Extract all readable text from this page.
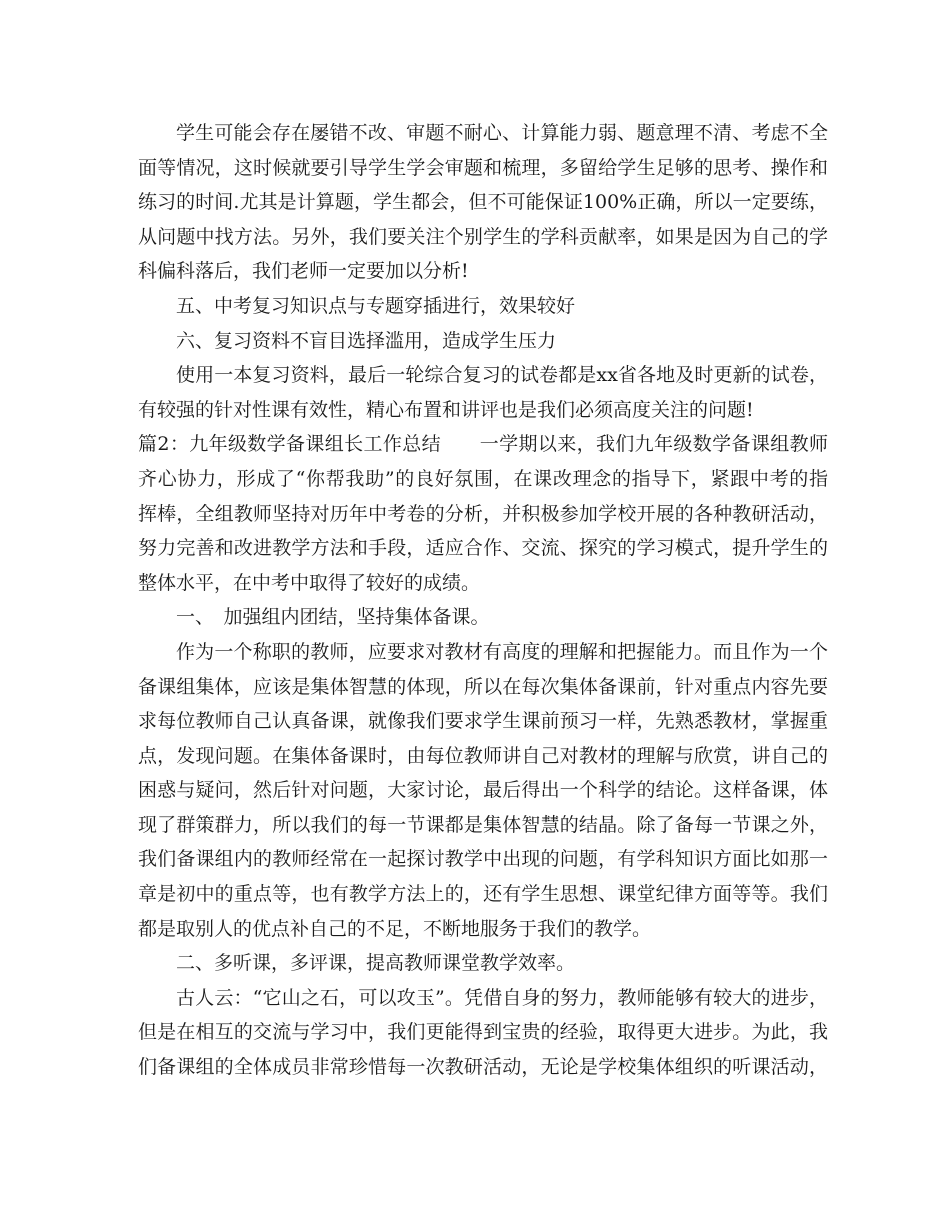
学生可能会存在屡错不改、审题不耐心、计算能力弱、题意理不清、考虑不全
面等情况，这时候就要引导学生学会审题和梳理，多留给学生足够的思考、操作和
练习的时间.尤其是计算题，学生都会，但不可能保证100%正确，所以一定要练，
从问题中找方法。另外，我们要关注个别学生的学科贡献率，如果是因为自己的学
科偏科落后，我们老师一定要加以分析!
五、中考复习知识点与专题穿插进行，效果较好
六、复习资料不盲目选择滥用，造成学生压力
使用一本复习资料，最后一轮综合复习的试卷都是xx省各地及时更新的试卷，
有较强的针对性课有效性，精心布置和讲评也是我们必须高度关注的问题!
篇2：九年级数学备课组长工作总结　　一学期以来，我们九年级数学备课组教师
齐心协力，形成了“你帮我助”的良好氛围，在课改理念的指导下，紧跟中考的指
挥棒，全组教师坚持对历年中考卷的分析，并积极参加学校开展的各种教研活动，
努力完善和改进教学方法和手段，适应合作、交流、探究的学习模式，提升学生的
整体水平，在中考中取得了较好的成绩。
一、　加强组内团结，坚持集体备课。
作为一个称职的教师，应要求对教材有高度的理解和把握能力。而且作为一个
备课组集体，应该是集体智慧的体现，所以在每次集体备课前，针对重点内容先要
求每位教师自己认真备课，就像我们要求学生课前预习一样，先熟悉教材，掌握重
点，发现问题。在集体备课时，由每位教师讲自己对教材的理解与欣赏，讲自己的
困惑与疑问，然后针对问题，大家讨论，最后得出一个科学的结论。这样备课，体
现了群策群力，所以我们的每一节课都是集体智慧的结晶。除了备每一节课之外，
我们备课组内的教师经常在一起探讨教学中出现的问题，有学科知识方面比如那一
章是初中的重点等，也有教学方法上的，还有学生思想、课堂纪律方面等等。我们
都是取别人的优点补自己的不足，不断地服务于我们的教学。
二、多听课，多评课，提高教师课堂教学效率。
古人云：“它山之石，可以攻玉”。凭借自身的努力，教师能够有较大的进步，
但是在相互的交流与学习中，我们更能得到宝贵的经验，取得更大进步。为此，我
们备课组的全体成员非常珍惜每一次教研活动，无论是学校集体组织的听课活动，
